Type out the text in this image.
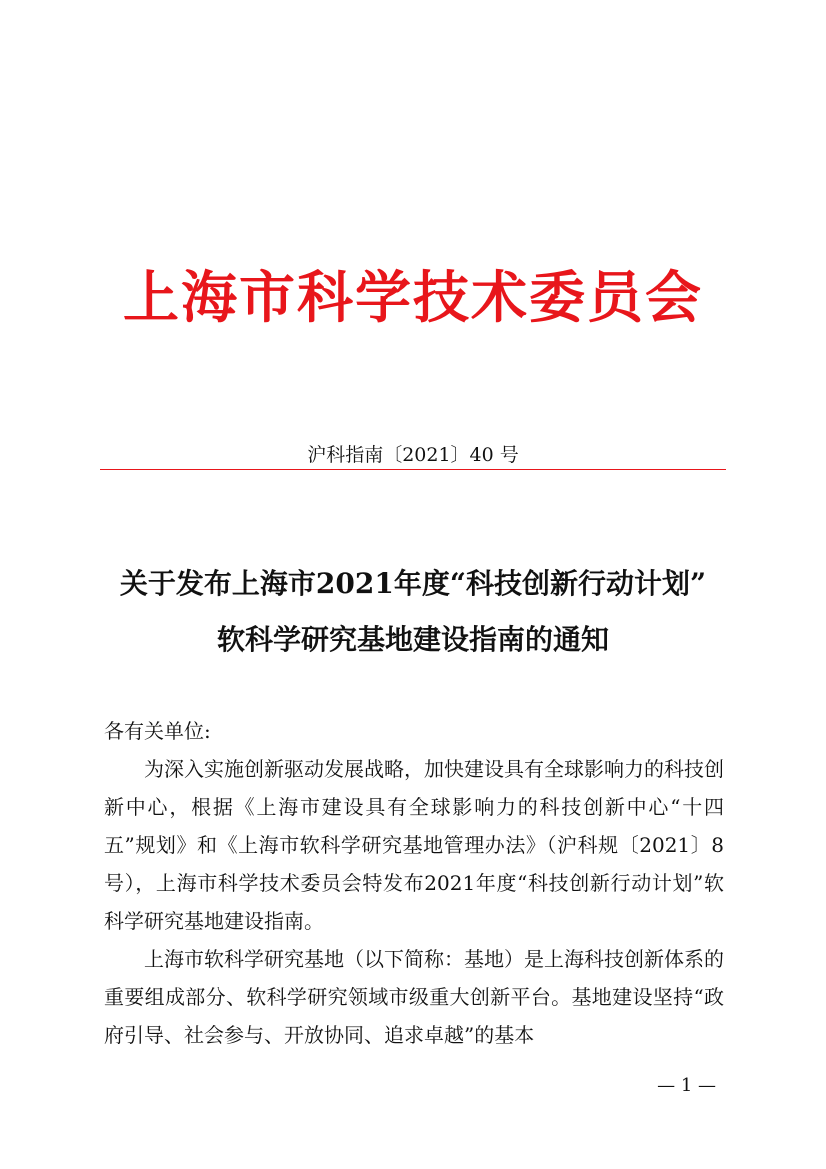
上海市科学技术委员会
沪科指南〔2021〕40 号
关于发布上海市2021年度“科技创新行动计划”
软科学研究基地建设指南的通知

各有关单位:

为深入实施创新驱动发展战略，加快建设具有全球影响力的科技创新中心，根据《上海市建设具有全球影响力的科技创新中心“十四五”规划》和《上海市软科学研究基地管理办法》（沪科规〔2021〕8号），上海市科学技术委员会特发布2021年度“科技创新行动计划”软科学研究基地建设指南。

上海市软科学研究基地（以下简称：基地）是上海科技创新体系的重要组成部分、软科学研究领域市级重大创新平台。基地建设坚持“政府引导、社会参与、开放协同、追求卓越”的基本

— 1 —
